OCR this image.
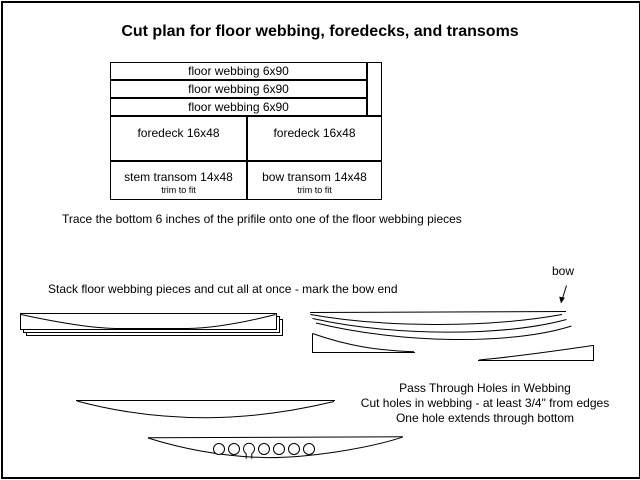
Cut plan for floor webbing, foredecks, and transoms
floor webbing 6x90
floor webbing 6x90
floor webbing 6x90
foredeck 16x48	foredeck 16x48
stem transom 14x48
trim to fit
bow transom 14x48
trim to fit
Trace the bottom 6 inches of the prifile onto one of the floor webbing pieces
Stack floor webbing pieces and cut all at once - mark the bow end
bow
Pass Through Holes in Webbing
Cut holes in webbing - at least 3/4" from edges
One hole extends through bottom
